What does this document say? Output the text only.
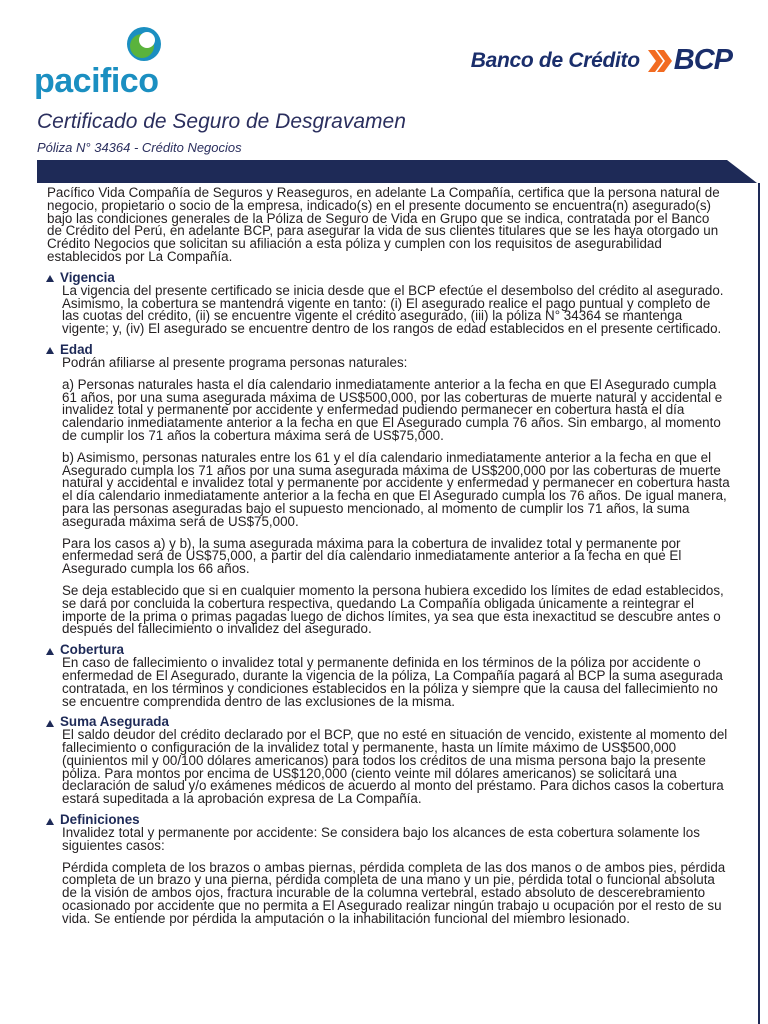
pacifico
Banco de Crédito BCP
Certificado de Seguro de Desgravamen
Póliza N° 34364 - Crédito Negocios

Pacífico Vida Compañía de Seguros y Reaseguros, en adelante La Compañía, certifica que la persona natural de negocio, propietario o socio de la empresa, indicado(s) en el presente documento se encuentra(n) asegurado(s) bajo las condiciones generales de la Póliza de Seguro de Vida en Grupo que se indica, contratada por el Banco de Crédito del Perú, en adelante BCP, para asegurar la vida de sus clientes titulares que se les haya otorgado un Crédito Negocios que solicitan su afiliación a esta póliza y cumplen con los requisitos de asegurabilidad establecidos por La Compañía.

Vigencia

La vigencia del presente certificado se inicia desde que el BCP efectúe el desembolso del crédito al asegurado. Asimismo, la cobertura se mantendrá vigente en tanto: (i) El asegurado realice el pago puntual y completo de las cuotas del crédito, (ii) se encuentre vigente el crédito asegurado, (iii) la póliza N° 34364 se mantenga vigente; y, (iv) El asegurado se encuentre dentro de los rangos de edad establecidos en el presente certificado.

Edad

Podrán afiliarse al presente programa personas naturales:

a) Personas naturales hasta el día calendario inmediatamente anterior a la fecha en que El Asegurado cumpla 61 años, por una suma asegurada máxima de US$500,000, por las coberturas de muerte natural y accidental e invalidez total y permanente por accidente y enfermedad pudiendo permanecer en cobertura hasta el día calendario inmediatamente anterior a la fecha en que El Asegurado cumpla 76 años. Sin embargo, al momento de cumplir los 71 años la cobertura máxima será de US$75,000.

b) Asimismo, personas naturales entre los 61 y el día calendario inmediatamente anterior a la fecha en que el Asegurado cumpla los 71 años por una suma asegurada máxima de US$200,000 por las coberturas de muerte natural y accidental e invalidez total y permanente por accidente y enfermedad y permanecer en cobertura hasta el día calendario inmediatamente anterior a la fecha en que El Asegurado cumpla los 76 años. De igual manera, para las personas aseguradas bajo el supuesto mencionado, al momento de cumplir los 71 años, la suma asegurada máxima será de US$75,000.

Para los casos a) y b), la suma asegurada máxima para la cobertura de invalidez total y permanente por enfermedad será de US$75,000, a partir del día calendario inmediatamente anterior a la fecha en que El Asegurado cumpla los 66 años.

Se deja establecido que si en cualquier momento la persona hubiera excedido los límites de edad establecidos, se dará por concluida la cobertura respectiva, quedando La Compañía obligada únicamente a reintegrar el importe de la prima o primas pagadas luego de dichos límites, ya sea que esta inexactitud se descubre antes o después del fallecimiento o invalidez del asegurado.

Cobertura

En caso de fallecimiento o invalidez total y permanente definida en los términos de la póliza por accidente o enfermedad de El Asegurado, durante la vigencia de la póliza, La Compañía pagará al BCP la suma asegurada contratada, en los términos y condiciones establecidos en la póliza y siempre que la causa del fallecimiento no se encuentre comprendida dentro de las exclusiones de la misma.

Suma Asegurada

El saldo deudor del crédito declarado por el BCP, que no esté en situación de vencido, existente al momento del fallecimiento o configuración de la invalidez total y permanente, hasta un límite máximo de US$500,000 (quinientos mil y 00/100 dólares americanos) para todos los créditos de una misma persona bajo la presente póliza. Para montos por encima de US$120,000 (ciento veinte mil dólares americanos) se solicitará una declaración de salud y/o exámenes médicos de acuerdo al monto del préstamo. Para dichos casos la cobertura estará supeditada a la aprobación expresa de La Compañía.

Definiciones

Invalidez total y permanente por accidente: Se considera bajo los alcances de esta cobertura solamente los siguientes casos:

Pérdida completa de los brazos o ambas piernas, pérdida completa de las dos manos o de ambos pies, pérdida completa de un brazo y una pierna, pérdida completa de una mano y un pie, pérdida total o funcional absoluta de la visión de ambos ojos, fractura incurable de la columna vertebral, estado absoluto de descerebramiento ocasionado por accidente que no permita a El Asegurado realizar ningún trabajo u ocupación por el resto de su vida. Se entiende por pérdida la amputación o la inhabilitación funcional del miembro lesionado.
